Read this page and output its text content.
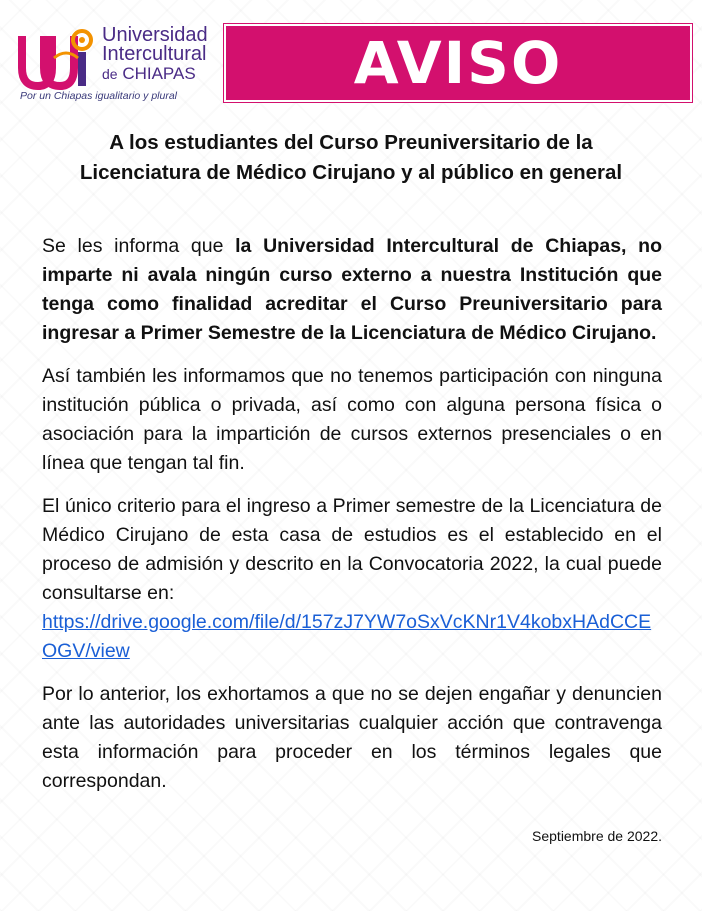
Universidad
Intercultural
de CHIAPAS
Por un Chiapas igualitario y plural	AVISO
A los estudiantes del Curso Preuniversitario de la
Licenciatura de Médico Cirujano y al público en general

Se les informa que la Universidad Intercultural de Chiapas, no imparte ni avala ningún curso externo a nuestra Institución que tenga como finalidad acreditar el Curso Preuniversitario para ingresar a Primer Semestre de la Licenciatura de Médico Cirujano.

Así también les informamos que no tenemos participación con ninguna institución pública o privada, así como con alguna persona física o asociación para la impartición de cursos externos presenciales o en línea que tengan tal fin.

El único criterio para el ingreso a Primer semestre de la Licenciatura de Médico Cirujano de esta casa de estudios es el establecido en el proceso de admisión y descrito en la Convocatoria 2022, la cual puede consultarse en:
https://drive.google.com/file/d/157zJ7YW7oSxVcKNr1V4kobxHAdCCEOGV/view

Por lo anterior, los exhortamos a que no se dejen engañar y denuncien ante las autoridades universitarias cualquier acción que contravenga esta información para proceder en los términos legales que correspondan.

Septiembre de 2022.
